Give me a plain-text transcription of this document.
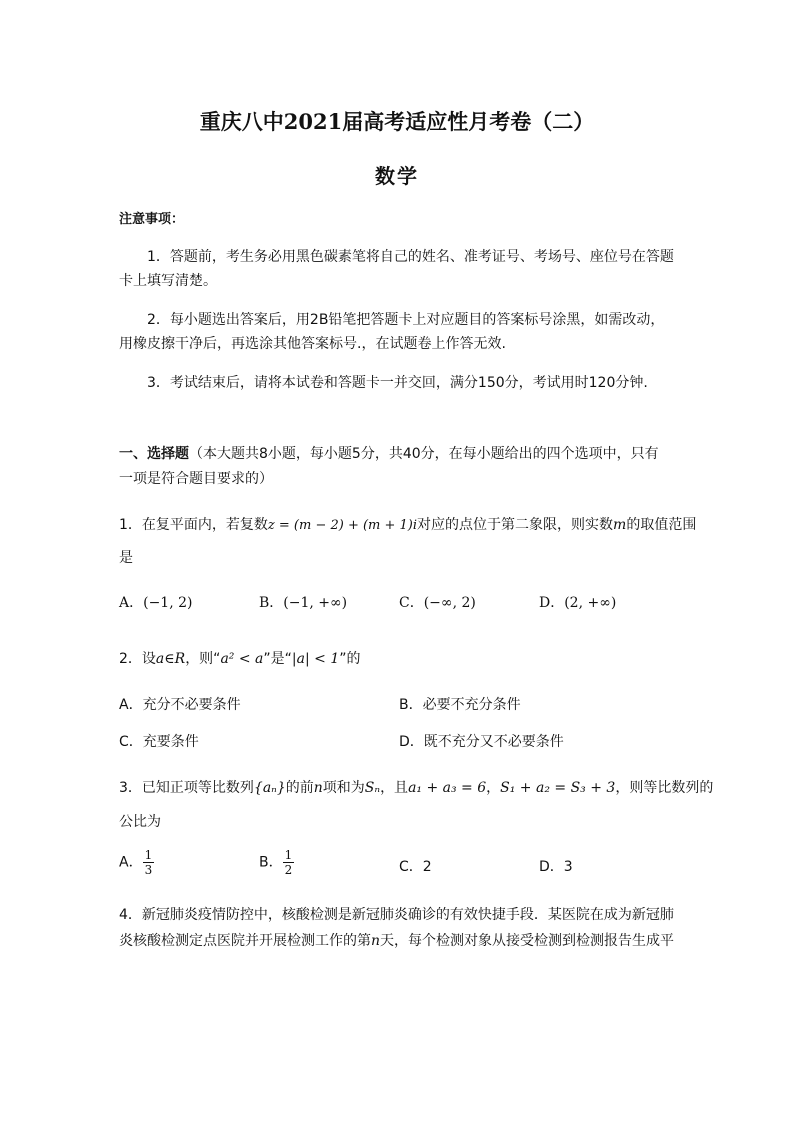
重庆八中2021届高考适应性月考卷（二）
数学
注意事项：
1．答题前，考生务必用黑色碳素笔将自己的姓名、准考证号、考场号、座位号在答题
卡上填写清楚。
2．每小题选出答案后，用2B铅笔把答题卡上对应题目的答案标号涂黑，如需改动，
用橡皮擦干净后，再选涂其他答案标号.，在试题卷上作答无效.
3．考试结束后，请将本试卷和答题卡一并交回，满分150分，考试用时120分钟.
一、选择题（本大题共8小题，每小题5分，共40分，在每小题给出的四个选项中，只有
一项是符合题目要求的）
1．在复平面内，若复数z = (m − 2) + (m + 1)i对应的点位于第二象限，则实数m的取值范围
是
A．(−1, 2)	B．(−1, +∞)	C．(−∞, 2)	D．(2, +∞)
2．设a∈R，则“a² < a”是“|a| < 1”的
A．充分不必要条件	B．必要不充分条件
C．充要条件	D．既不充分又不必要条件
3．已知正项等比数列{aₙ}的前n项和为Sₙ，且a₁ + a₃ = 6，S₁ + a₂ = S₃ + 3，则等比数列的
公比为
A． $\frac{1}{3}$	B． $\frac{1}{2}$	C．2	D．3
4．新冠肺炎疫情防控中，核酸检测是新冠肺炎确诊的有效快捷手段．某医院在成为新冠肺
炎核酸检测定点医院并开展检测工作的第n天，每个检测对象从接受检测到检测报告生成平
